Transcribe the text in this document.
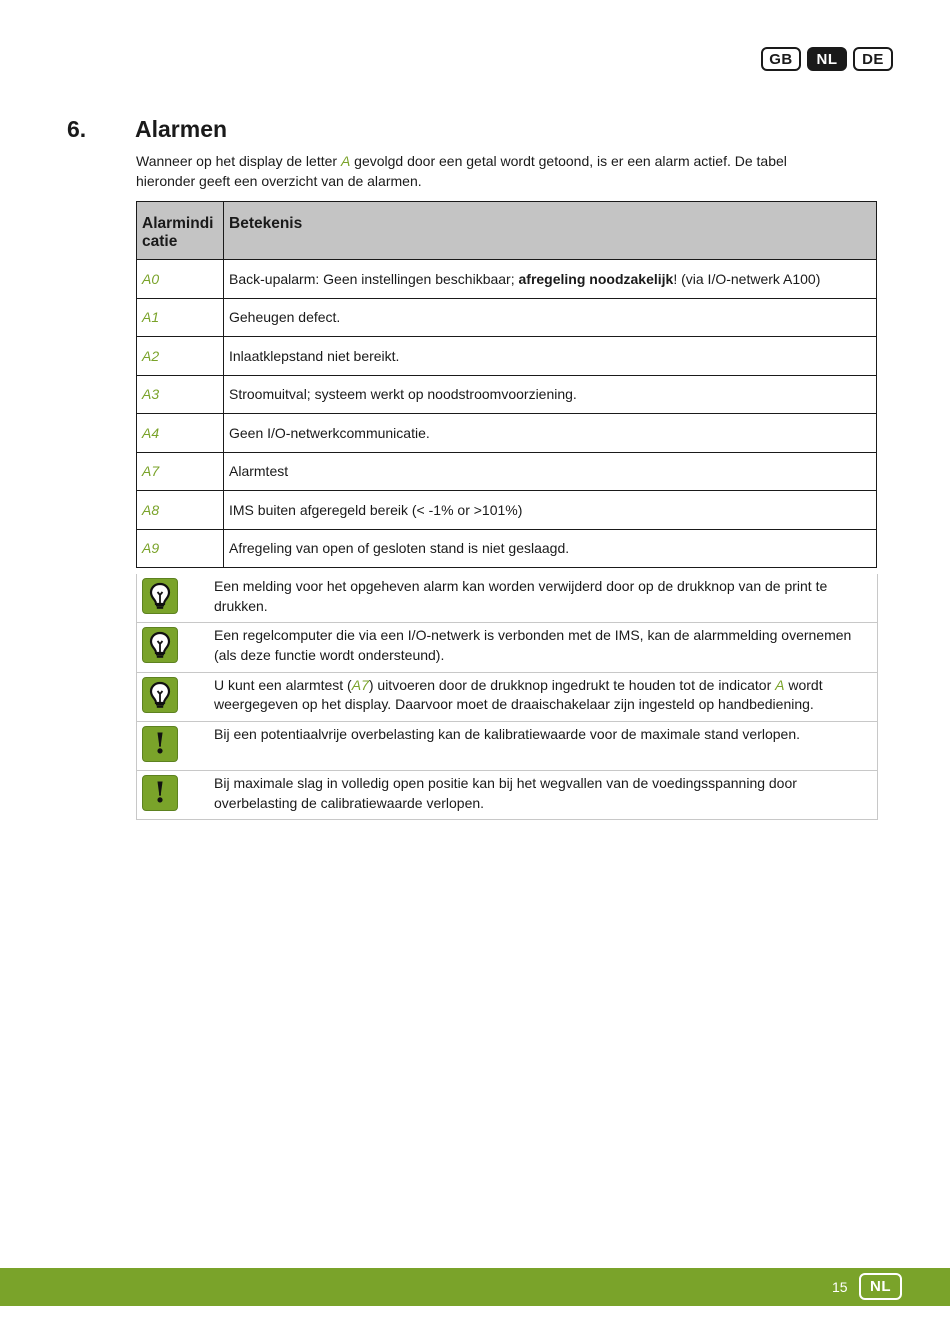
GB	NL	DE
6. Alarmen
Wanneer op het display de letter A gevolgd door een getal wordt getoond, is er een alarm actief. De tabel hieronder geeft een overzicht van de alarmen.
Alarmindi catie	Betekenis
A0	Back-upalarm: Geen instellingen beschikbaar; afregeling noodzakelijk! (via I/O-netwerk A100)
A1	Geheugen defect.
A2	Inlaatklepstand niet bereikt.
A3	Stroomuitval; systeem werkt op noodstroomvoorziening.
A4	Geen I/O-netwerkcommunicatie.
A7	Alarmtest
A8	IMS buiten afgeregeld bereik (< -1% or >101%)
A9	Afregeling van open of gesloten stand is niet geslaagd.
Een melding voor het opgeheven alarm kan worden verwijderd door op de drukknop van de print te drukken.
Een regelcomputer die via een I/O-netwerk is verbonden met de IMS, kan de alarmmelding overnemen (als deze functie wordt ondersteund).
U kunt een alarmtest (A7) uitvoeren door de drukknop ingedrukt te houden tot de indicator A wordt weergegeven op het display. Daarvoor moet de draaischakelaar zijn ingesteld op handbediening.
!	Bij een potentiaalvrije overbelasting kan de kalibratiewaarde voor de maximale stand verlopen.
!	Bij maximale slag in volledig open positie kan bij het wegvallen van de voedingsspanning door overbelasting de calibratiewaarde verlopen.
15	NL
